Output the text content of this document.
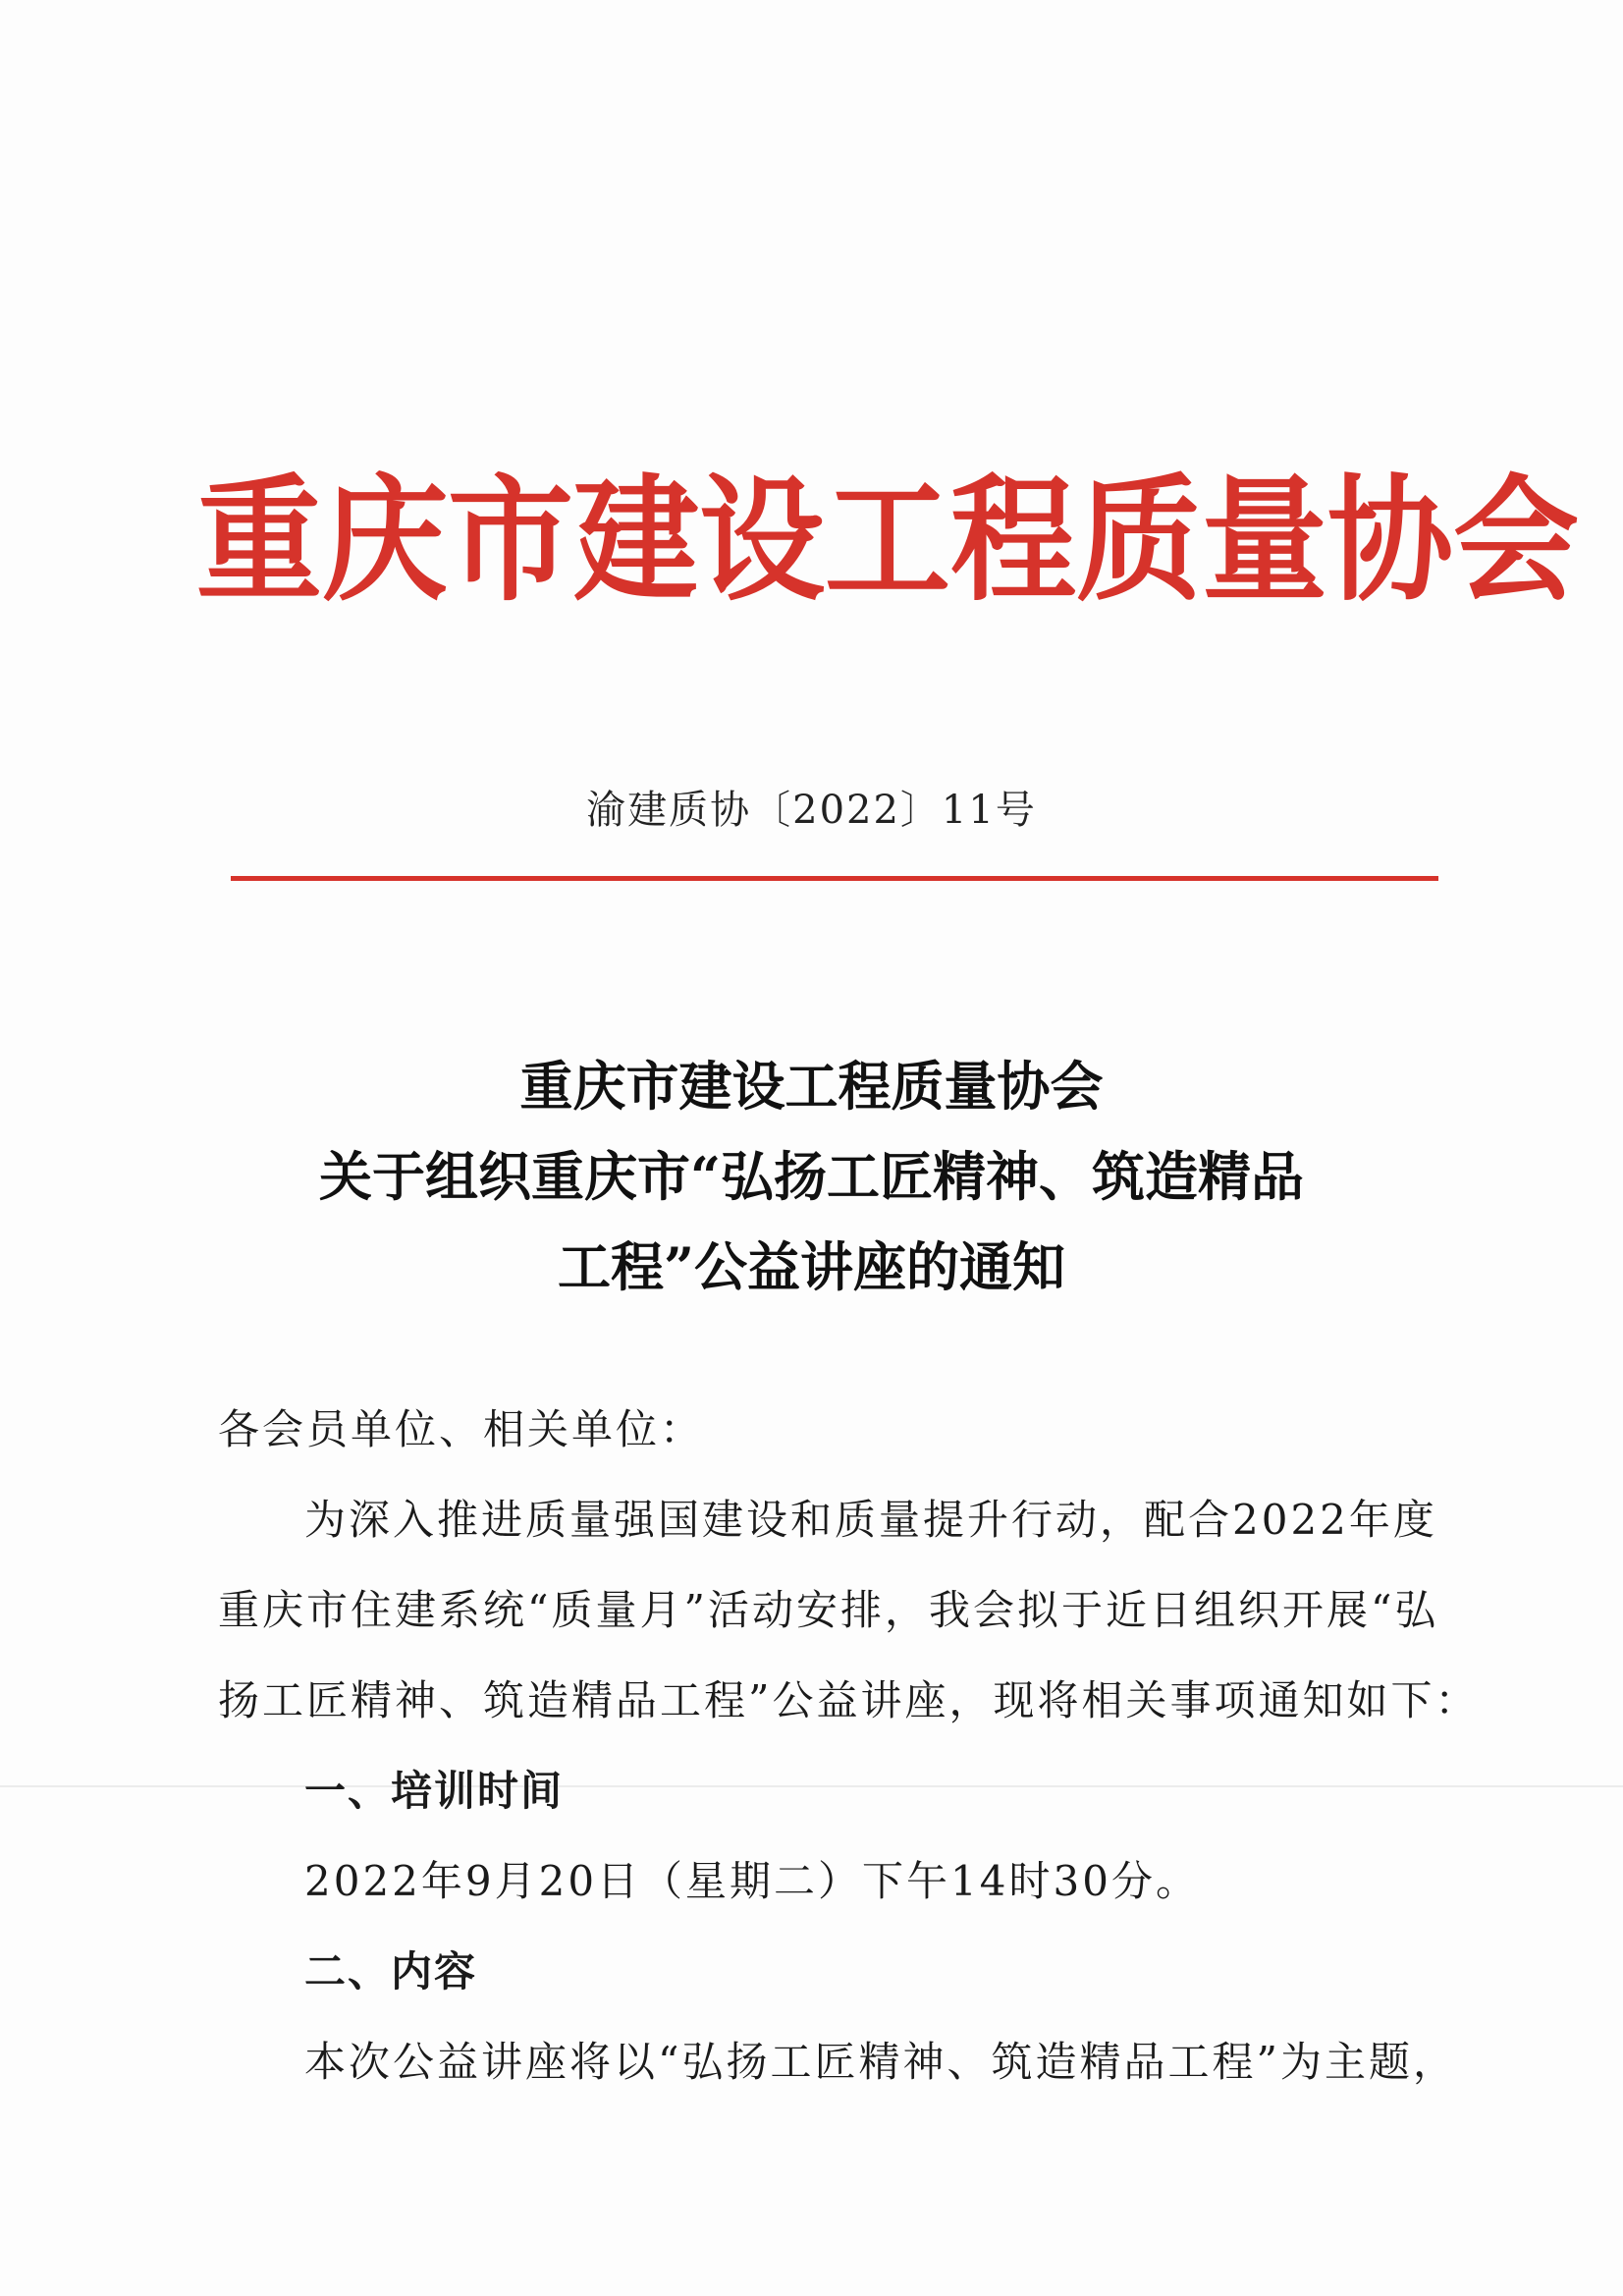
重庆市建设工程质量协会
渝建质协〔2022〕11号
重庆市建设工程质量协会
关于组织重庆市“弘扬工匠精神、筑造精品
工程”公益讲座的通知
各会员单位、相关单位：
为深入推进质量强国建设和质量提升行动，配合2022年度
重庆市住建系统“质量月”活动安排，我会拟于近日组织开展“弘
扬工匠精神、筑造精品工程”公益讲座，现将相关事项通知如下：
一、培训时间
2022年9月20日（星期二）下午14时30分。
二、内容
本次公益讲座将以“弘扬工匠精神、筑造精品工程”为主题，
